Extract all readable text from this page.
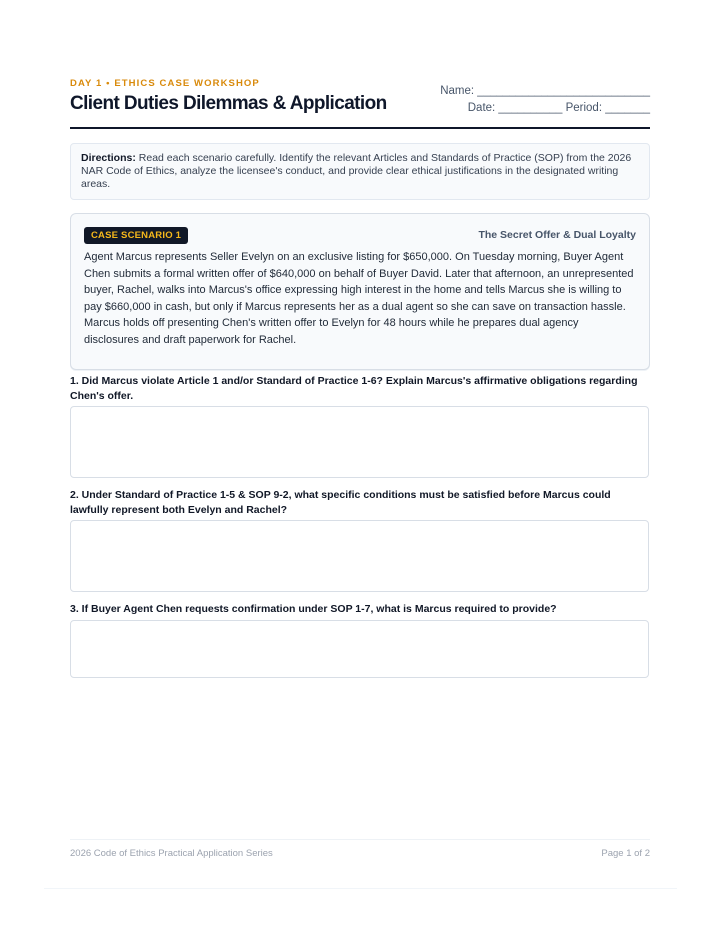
DAY 1 • ETHICS CASE WORKSHOP
Client Duties Dilemmas & Application
Name: ___________________________
Date: __________ Period: _______
Directions: Read each scenario carefully. Identify the relevant Articles and Standards of Practice (SOP) from the 2026 NAR Code of Ethics, analyze the licensee's conduct, and provide clear ethical justifications in the designated writing areas.
CASE SCENARIO 1	The Secret Offer & Dual Loyalty
Agent Marcus represents Seller Evelyn on an exclusive listing for $650,000. On Tuesday morning, Buyer Agent Chen submits a formal written offer of $640,000 on behalf of Buyer David. Later that afternoon, an unrepresented buyer, Rachel, walks into Marcus's office expressing high interest in the home and tells Marcus she is willing to pay $660,000 in cash, but only if Marcus represents her as a dual agent so she can save on transaction hassle. Marcus holds off presenting Chen's written offer to Evelyn for 48 hours while he prepares dual agency disclosures and draft paperwork for Rachel.
1. Did Marcus violate Article 1 and/or Standard of Practice 1-6? Explain Marcus's affirmative obligations regarding Chen's offer.
2. Under Standard of Practice 1-5 & SOP 9-2, what specific conditions must be satisfied before Marcus could lawfully represent both Evelyn and Rachel?
3. If Buyer Agent Chen requests confirmation under SOP 1-7, what is Marcus required to provide?
2026 Code of Ethics Practical Application Series	Page 1 of 2
